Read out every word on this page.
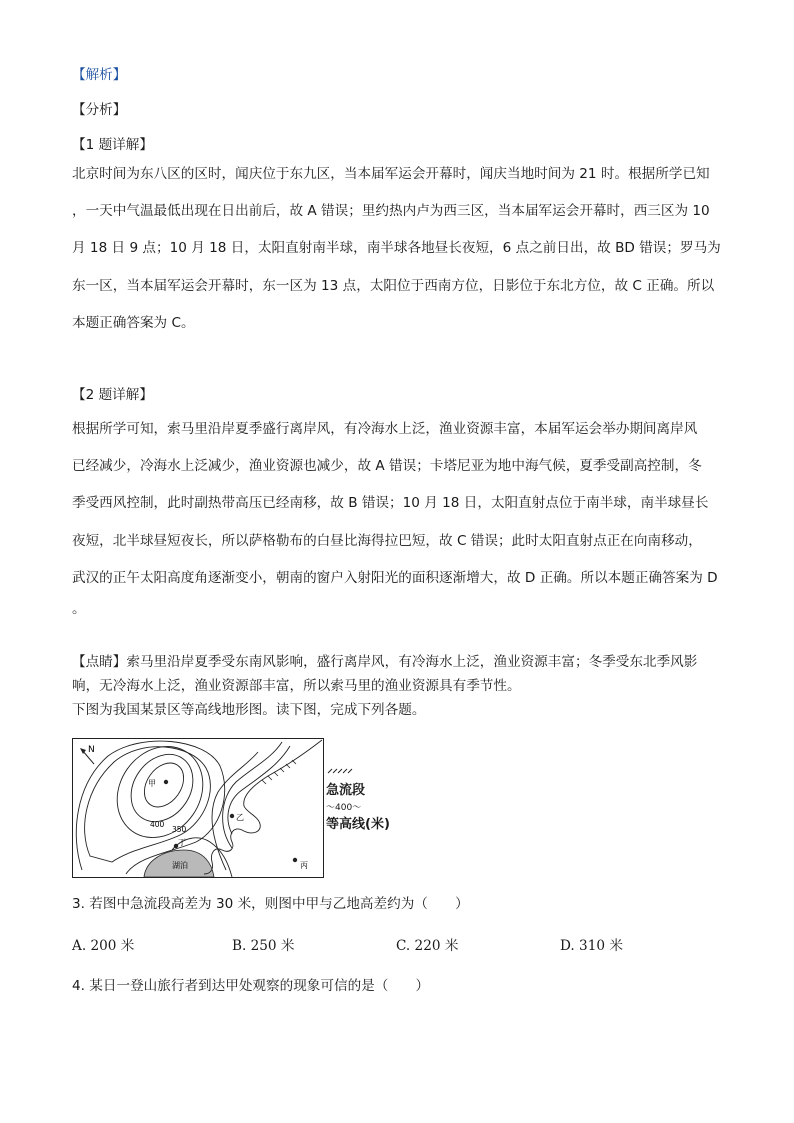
【解析】
【分析】
【1 题详解】
北京时间为东八区的区时，闻庆位于东九区，当本届军运会开幕时，闻庆当地时间为 21 时。根据所学已知
，一天中气温最低出现在日出前后，故 A 错误；里约热内卢为西三区，当本届军运会开幕时，西三区为 10
月 18 日 9 点；10 月 18 日，太阳直射南半球，南半球各地昼长夜短，6 点之前日出，故 BD 错误；罗马为
东一区，当本届军运会开幕时，东一区为 13 点，太阳位于西南方位，日影位于东北方位，故 C 正确。所以
本题正确答案为 C。
【2 题详解】
根据所学可知，索马里沿岸夏季盛行离岸风，有冷海水上泛，渔业资源丰富，本届军运会举办期间离岸风
已经减少，冷海水上泛减少，渔业资源也减少，故 A 错误；卡塔尼亚为地中海气候，夏季受副高控制，冬
季受西风控制，此时副热带高压已经南移，故 B 错误；10 月 18 日，太阳直射点位于南半球，南半球昼长
夜短，北半球昼短夜长，所以萨格勒布的白昼比海得拉巴短，故 C 错误；此时太阳直射点正在向南移动，
武汉的正午太阳高度角逐渐变小，朝南的窗户入射阳光的面积逐渐增大，故 D 正确。所以本题正确答案为 D
。
【点睛】索马里沿岸夏季受东南风影响，盛行离岸风，有冷海水上泛，渔业资源丰富；冬季受东北季风影
响，无冷海水上泛，渔业资源部丰富，所以索马里的渔业资源具有季节性。
下图为我国某景区等高线地形图。读下图，完成下列各题。
N
甲
乙
丙
丁
400
350
湖泊
急流段
～400～
等高线(米)
3. 若图中急流段高差为 30 米，则图中甲与乙地高差约为（　　）
A. 200 米	B. 250 米	C. 220 米	D. 310 米
4. 某日一登山旅行者到达甲处观察的现象可信的是（　　）
